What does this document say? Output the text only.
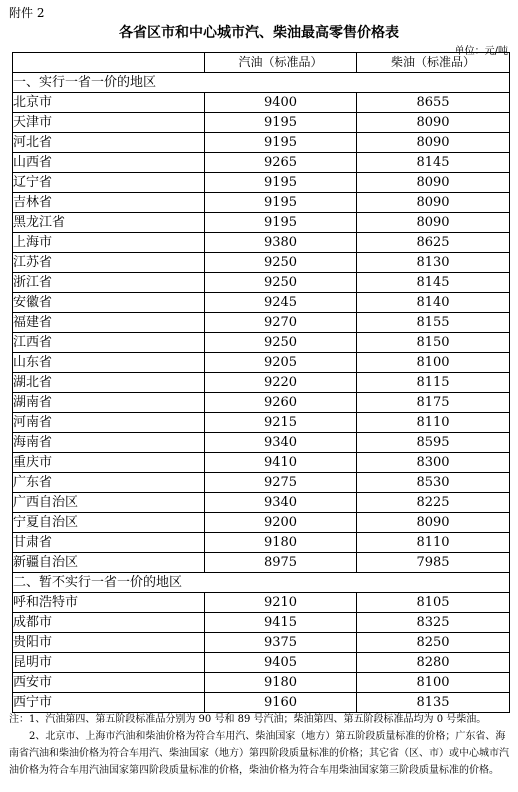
附件 2
各省区市和中心城市汽、柴油最高零售价格表
单位：元/吨
	汽油（标准品）	柴油（标准品）
一、实行一省一价的地区		
北京市	9400	8655
天津市	9195	8090
河北省	9195	8090
山西省	9265	8145
辽宁省	9195	8090
吉林省	9195	8090
黑龙江省	9195	8090
上海市	9380	8625
江苏省	9250	8130
浙江省	9250	8145
安徽省	9245	8140
福建省	9270	8155
江西省	9250	8150
山东省	9205	8100
湖北省	9220	8115
湖南省	9260	8175
河南省	9215	8110
海南省	9340	8595
重庆市	9410	8300
广东省	9275	8530
广西自治区	9340	8225
宁夏自治区	9200	8090
甘肃省	9180	8110
新疆自治区	8975	7985
二、暂不实行一省一价的地区		
呼和浩特市	9210	8105
成都市	9415	8325
贵阳市	9375	8250
昆明市	9405	8280
西安市	9180	8100
西宁市	9160	8135

注：1、汽油第四、第五阶段标准品分别为 90 号和 89 号汽油；柴油第四、第五阶段标准品均为 0 号柴油。

2、北京市、上海市汽油和柴油价格为符合车用汽、柴油国家（地方）第五阶段质量标准的价格；广东省、海南省汽油和柴油价格为符合车用汽、柴油国家（地方）第四阶段质量标准的价格；其它省（区、市）或中心城市汽油价格为符合车用汽油国家第四阶段质量标准的价格，柴油价格为符合车用柴油国家第三阶段质量标准的价格。
